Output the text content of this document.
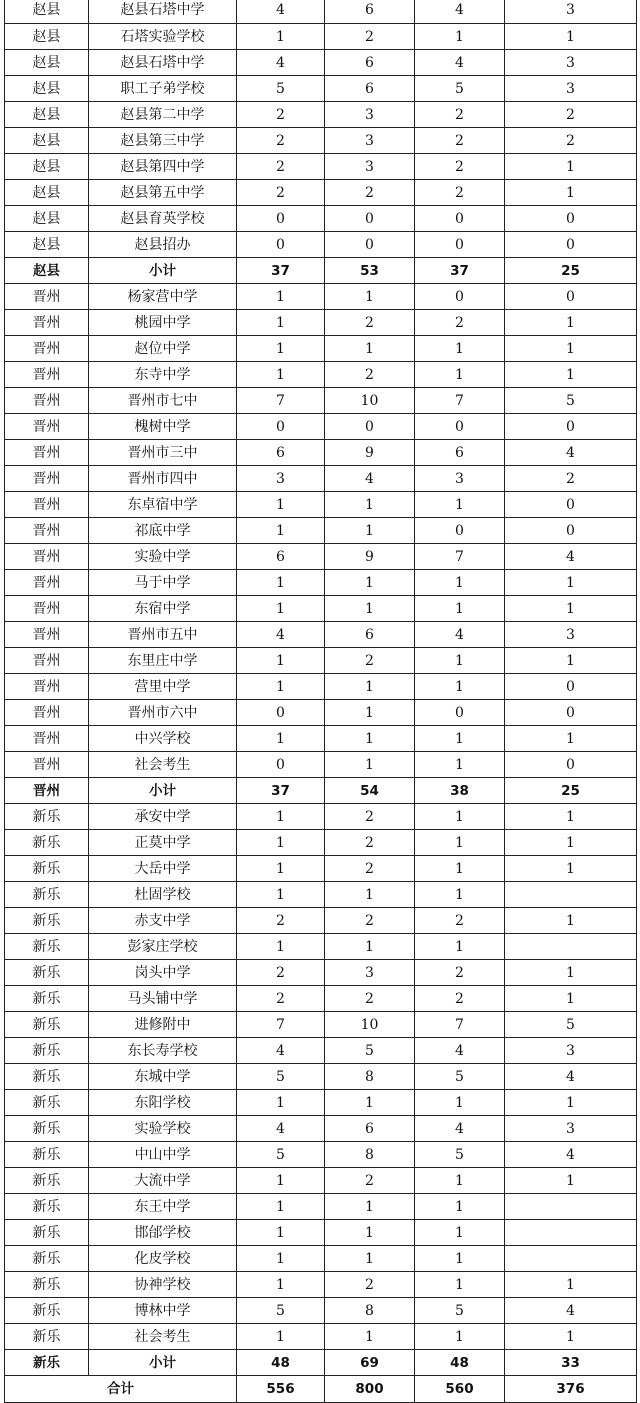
赵县	赵县石塔中学	4	6	4	3
赵县	石塔实验学校	1	2	1	1
赵县	赵县石塔中学	4	6	4	3
赵县	职工子弟学校	5	6	5	3
赵县	赵县第二中学	2	3	2	2
赵县	赵县第三中学	2	3	2	2
赵县	赵县第四中学	2	3	2	1
赵县	赵县第五中学	2	2	2	1
赵县	赵县育英学校	0	0	0	0
赵县	赵县招办	0	0	0	0
赵县	小计	37	53	37	25
晋州	杨家营中学	1	1	0	0
晋州	桃园中学	1	2	2	1
晋州	赵位中学	1	1	1	1
晋州	东寺中学	1	2	1	1
晋州	晋州市七中	7	10	7	5
晋州	槐树中学	0	0	0	0
晋州	晋州市三中	6	9	6	4
晋州	晋州市四中	3	4	3	2
晋州	东卓宿中学	1	1	1	0
晋州	祁底中学	1	1	0	0
晋州	实验中学	6	9	7	4
晋州	马于中学	1	1	1	1
晋州	东宿中学	1	1	1	1
晋州	晋州市五中	4	6	4	3
晋州	东里庄中学	1	2	1	1
晋州	营里中学	1	1	1	0
晋州	晋州市六中	0	1	0	0
晋州	中兴学校	1	1	1	1
晋州	社会考生	0	1	1	0
晋州	小计	37	54	38	25
新乐	承安中学	1	2	1	1
新乐	正莫中学	1	2	1	1
新乐	大岳中学	1	2	1	1
新乐	杜固学校	1	1	1	
新乐	赤支中学	2	2	2	1
新乐	彭家庄学校	1	1	1	
新乐	岗头中学	2	3	2	1
新乐	马头铺中学	2	2	2	1
新乐	进修附中	7	10	7	5
新乐	东长寿学校	4	5	4	3
新乐	东城中学	5	8	5	4
新乐	东阳学校	1	1	1	1
新乐	实验学校	4	6	4	3
新乐	中山中学	5	8	5	4
新乐	大流中学	1	2	1	1
新乐	东王中学	1	1	1	
新乐	邯邰学校	1	1	1	
新乐	化皮学校	1	1	1	
新乐	协神学校	1	2	1	1
新乐	博林中学	5	8	5	4
新乐	社会考生	1	1	1	1
新乐	小计	48	69	48	33
合计		556	800	560	376
